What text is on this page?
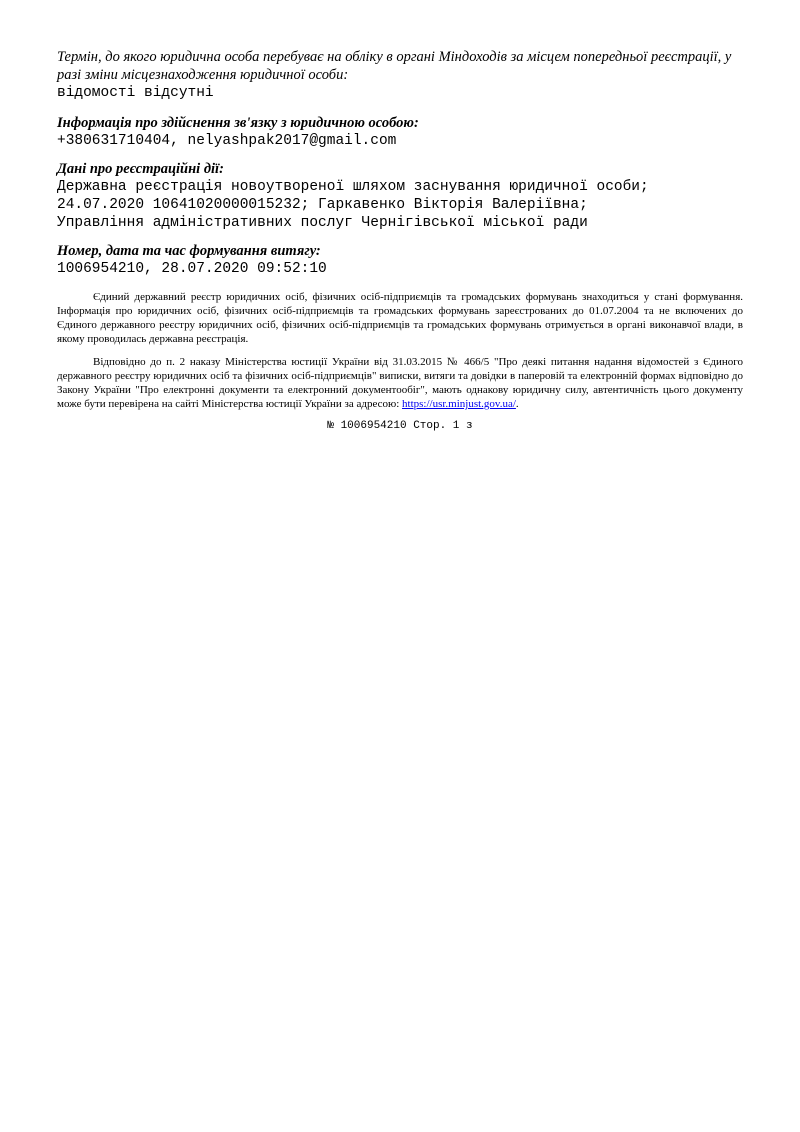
Термін, до якого юридична особа перебуває на обліку в органі Міндоходів за місцем попередньої реєстрації, у разі зміни місцезнаходження юридичної особи:

відомості відсутні

Інформація про здійснення зв'язку з юридичною особою:

+380631710404, nelyashpak2017@gmail.com

Дані про реєстраційні дії:

Державна реєстрація новоутвореної шляхом заснування юридичної особи;

24.07.2020 10641020000015232; Гаркавенко Вікторія Валеріївна;

Управління адміністративних послуг Чернігівської міської ради

Номер, дата та час формування витягу:

1006954210, 28.07.2020 09:52:10

Єдиний державний реєстр юридичних осіб, фізичних осіб-підприємців та громадських формувань знаходиться у стані формування. Інформація про юридичних осіб, фізичних осіб-підприємців та громадських формувань зареєстрованих до 01.07.2004 та не включених до Єдиного державного реєстру юридичних осіб, фізичних осіб-підприємців та громадських формувань отримується в органі виконавчої влади, в якому проводилась державна реєстрація.

Відповідно до п. 2 наказу Міністерства юстиції України від 31.03.2015 № 466/5 "Про деякі питання надання відомостей з Єдиного державного реєстру юридичних осіб та фізичних осіб-підприємців" виписки, витяги та довідки в паперовій та електронній формах відповідно до Закону України "Про електронні документи та електронний документообіг", мають однакову юридичну силу, автентичність цього документу може бути перевірена на сайті Міністерства юстиції України за адресою: https://usr.minjust.gov.ua/.

№ 1006954210 Стор. 1 з
